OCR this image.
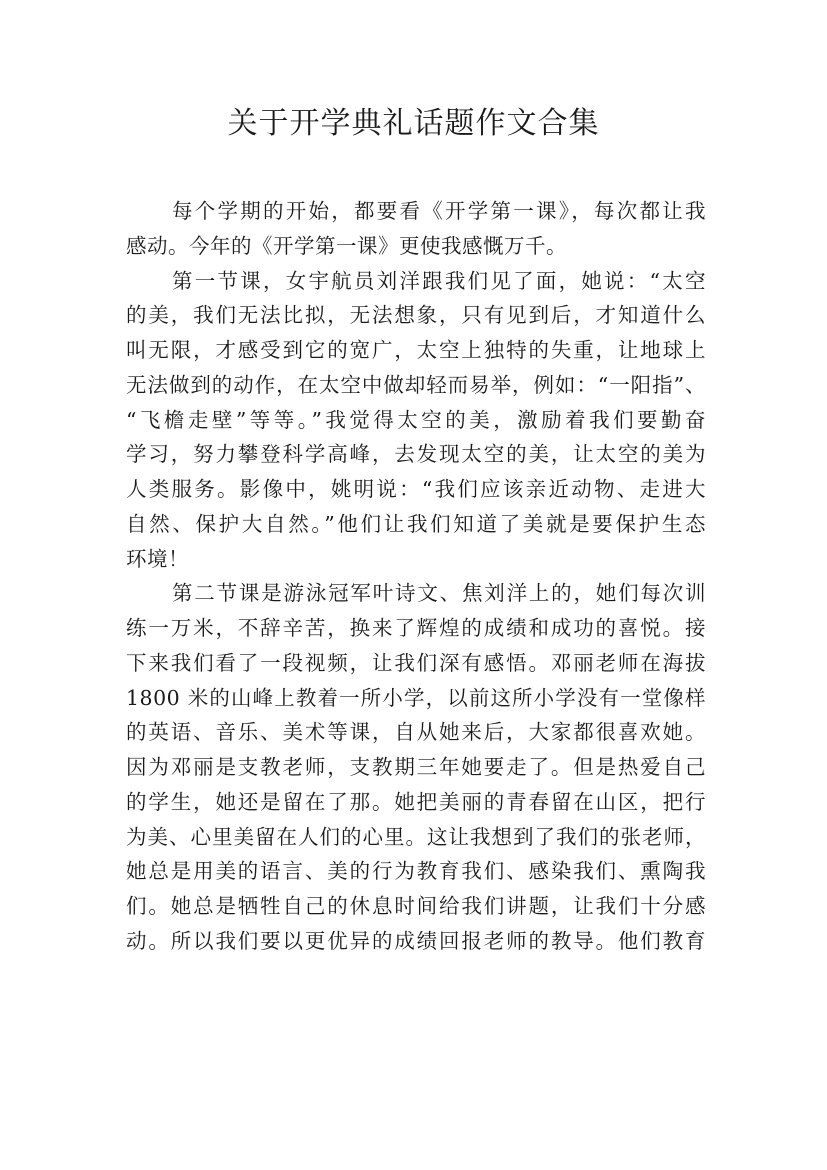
关于开学典礼话题作文合集
每个学期的开始，都要看《开学第一课》，每次都让我
感动。今年的《开学第一课》更使我感慨万千。
第一节课，女宇航员刘洋跟我们见了面，她说：“太空
的美，我们无法比拟，无法想象，只有见到后，才知道什么
叫无限，才感受到它的宽广，太空上独特的失重，让地球上
无法做到的动作，在太空中做却轻而易举，例如：“一阳指”、
“飞檐走壁”等等。”我觉得太空的美，激励着我们要勤奋
学习，努力攀登科学高峰，去发现太空的美，让太空的美为
人类服务。影像中，姚明说：“我们应该亲近动物、走进大
自然、保护大自然。”他们让我们知道了美就是要保护生态
环境！
第二节课是游泳冠军叶诗文、焦刘洋上的，她们每次训
练一万米，不辞辛苦，换来了辉煌的成绩和成功的喜悦。接
下来我们看了一段视频，让我们深有感悟。邓丽老师在海拔
1800 米的山峰上教着一所小学，以前这所小学没有一堂像样
的英语、音乐、美术等课，自从她来后，大家都很喜欢她。
因为邓丽是支教老师，支教期三年她要走了。但是热爱自己
的学生，她还是留在了那。她把美丽的青春留在山区，把行
为美、心里美留在人们的心里。这让我想到了我们的张老师，
她总是用美的语言、美的行为教育我们、感染我们、熏陶我
们。她总是牺牲自己的休息时间给我们讲题，让我们十分感
动。所以我们要以更优异的成绩回报老师的教导。他们教育
